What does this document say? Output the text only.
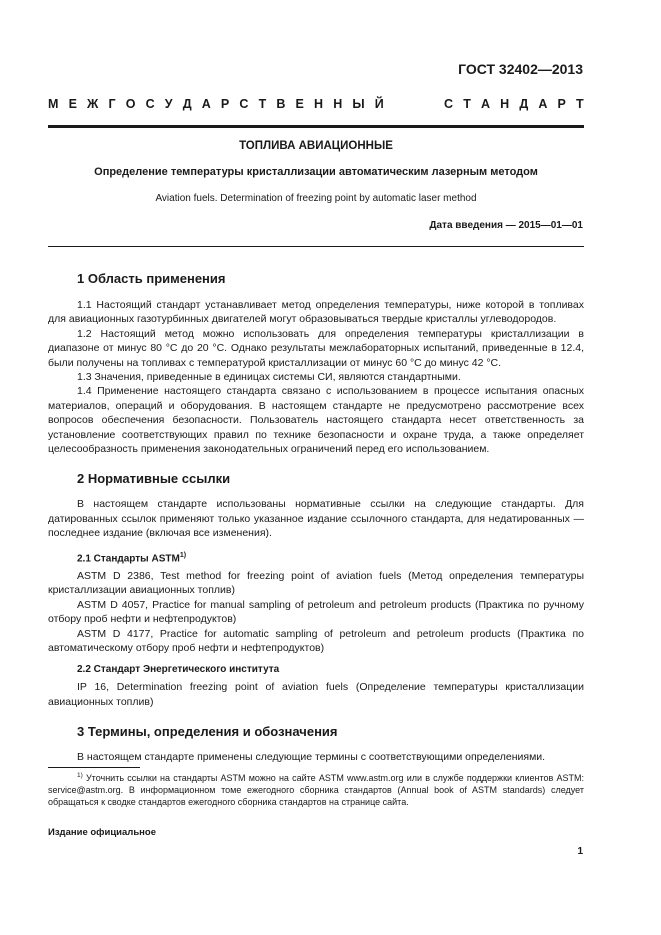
ГОСТ 32402—2013
М Е Ж Г О С У Д А Р С Т В Е Н Н Ы Й	С Т А Н Д А Р Т
ТОПЛИВА АВИАЦИОННЫЕ
Определение температуры кристаллизации автоматическим лазерным методом
Aviation fuels. Determination of freezing point by automatic laser method
Дата введения — 2015—01—01
1 Область применения

1.1 Настоящий стандарт устанавливает метод определения температуры, ниже которой в топливах для авиационных газотурбинных двигателей могут образовываться твердые кристаллы углеводородов.

1.2 Настоящий метод можно использовать для определения температуры кристаллизации в диапазоне от минус 80 °С до 20 °С. Однако результаты межлабораторных испытаний, приведенные в 12.4, были получены на топливах с температурой кристаллизации от минус 60 °С до минус 42 °С.

1.3 Значения, приведенные в единицах системы СИ, являются стандартными.

1.4 Применение настоящего стандарта связано с использованием в процессе испытания опасных материалов, операций и оборудования. В настоящем стандарте не предусмотрено рассмотрение всех вопросов обеспечения безопасности. Пользователь настоящего стандарта несет ответственность за установление соответствующих правил по технике безопасности и охране труда, а также определяет целесообразность применения законодательных ограничений перед его использованием.

2 Нормативные ссылки

В настоящем стандарте использованы нормативные ссылки на следующие стандарты. Для датированных ссылок применяют только указанное издание ссылочного стандарта, для недатированных — последнее издание (включая все изменения).

2.1 Стандарты ASTM$^{1)}$

ASTM D 2386, Test method for freezing point of aviation fuels (Метод определения температуры кристаллизации авиационных топлив)

ASTM D 4057, Practice for manual sampling of petroleum and petroleum products (Практика по ручному отбору проб нефти и нефтепродуктов)

ASTM D 4177, Practice for automatic sampling of petroleum and petroleum products (Практика по автоматическому отбору проб нефти и нефтепродуктов)

2.2 Стандарт Энергетического института

IP 16, Determination freezing point of aviation fuels (Определение температуры кристаллизации авиационных топлив)

3 Термины, определения и обозначения

В настоящем стандарте применены следующие термины с соответствующими определениями.

$^{1)}$ Уточнить ссылки на стандарты ASTM можно на сайте ASTM www.astm.org или в службе поддержки клиентов ASTM: service@astm.org. В информационном томе ежегодного сборника стандартов (Annual book of ASTM standards) следует обращаться к сводке стандартов ежегодного сборника стандартов на странице сайта.

Издание официальное
1
